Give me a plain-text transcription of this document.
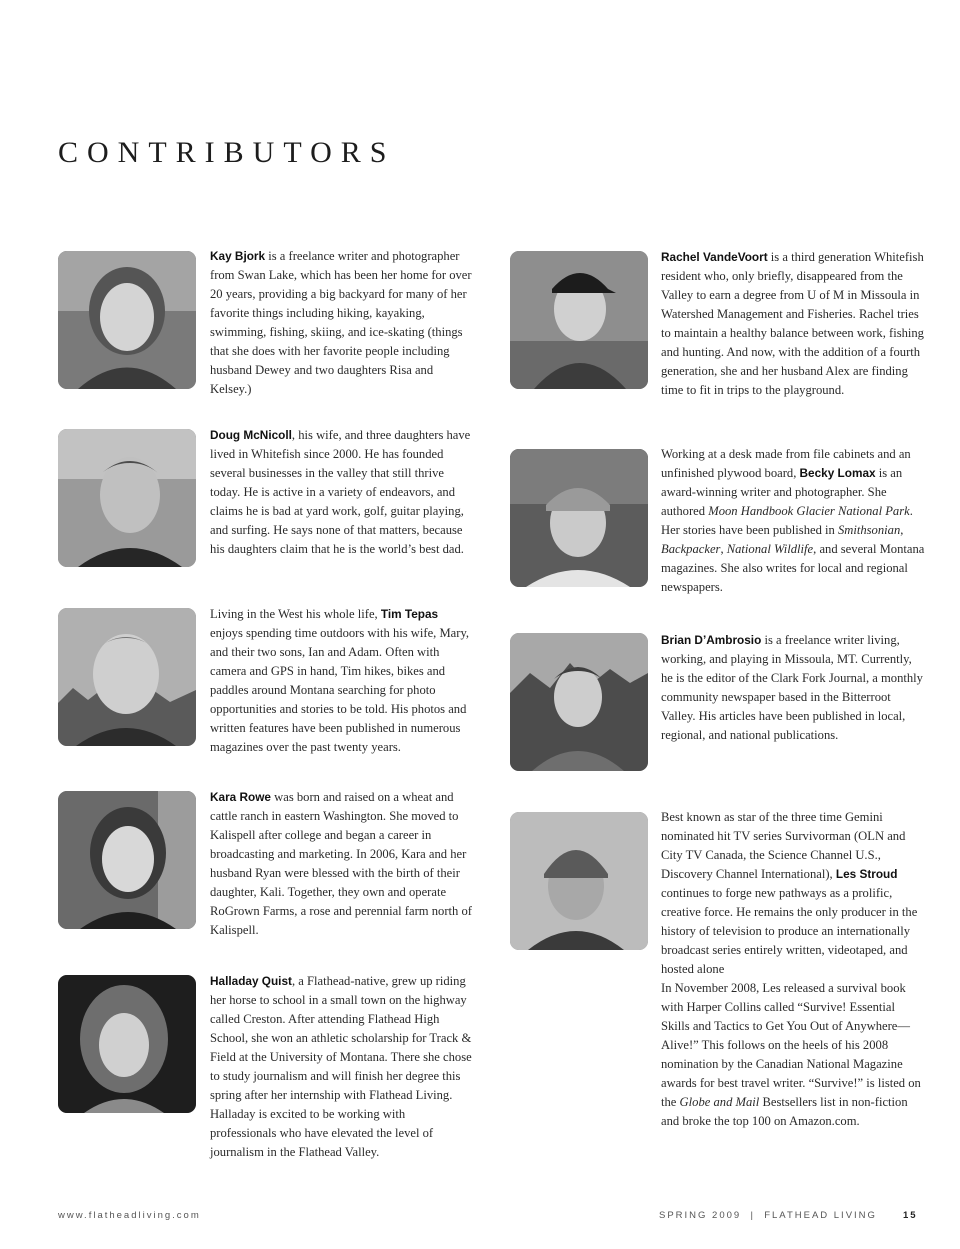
CONTRIBUTORS

Kay Bjork is a freelance writer and photographer from Swan Lake, which has been her home for over 20 years, providing a big backyard for many of her favorite things including hiking, kayaking, swimming, fishing, skiing, and ice-skating (things that she does with her favorite people including husband Dewey and two daughters Risa and Kelsey.)

Doug McNicoll, his wife, and three daughters have lived in Whitefish since 2000. He has founded several businesses in the valley that still thrive today. He is active in a variety of endeavors, and claims he is bad at yard work, golf, guitar playing, and surfing. He says none of that matters, because his daughters claim that he is the world’s best dad.

Living in the West his whole life, Tim Tepas enjoys spending time outdoors with his wife, Mary, and their two sons, Ian and Adam. Often with camera and GPS in hand, Tim hikes, bikes and paddles around Montana searching for photo opportunities and stories to be told. His photos and written features have been published in numerous magazines over the past twenty years.

Kara Rowe was born and raised on a wheat and cattle ranch in eastern Washington. She moved to Kalispell after college and began a career in broadcasting and marketing. In 2006, Kara and her husband Ryan were blessed with the birth of their daughter, Kali. Together, they own and operate RoGrown Farms, a rose and perennial farm north of Kalispell.

Halladay Quist, a Flathead-native, grew up riding her horse to school in a small town on the highway called Creston. After attending Flathead High School, she won an athletic scholarship for Track & Field at the University of Montana. There she chose to study journalism and will finish her degree this spring after her internship with Flathead Living. Halladay is excited to be working with professionals who have elevated the level of journalism in the Flathead Valley.

Rachel VandeVoort is a third generation Whitefish resident who, only briefly, disappeared from the Valley to earn a degree from U of M in Missoula in Watershed Management and Fisheries. Rachel tries to maintain a healthy balance between work, fishing and hunting. And now, with the addition of a fourth generation, she and her husband Alex are finding time to fit in trips to the playground.

Working at a desk made from file cabinets and an unfinished plywood board, Becky Lomax is an award-winning writer and photographer. She authored Moon Handbook Glacier National Park. Her stories have been published in Smithsonian, Backpacker, National Wildlife, and several Montana magazines. She also writes for local and regional newspapers.

Brian D’Ambrosio is a freelance writer living, working, and playing in Missoula, MT. Currently, he is the editor of the Clark Fork Journal, a monthly community newspaper based in the Bitterroot Valley. His articles have been published in local, regional, and national publications.

Best known as star of the three time Gemini nominated hit TV series Survivorman (OLN and City TV Canada, the Science Channel U.S., Discovery Channel International), Les Stroud continues to forge new pathways as a prolific, creative force. He remains the only producer in the history of television to produce an internationally broadcast series entirely written, videotaped, and hosted alone
In November 2008, Les released a survival book with Harper Collins called “Survive! Essential Skills and Tactics to Get You Out of Anywhere—Alive!” This follows on the heels of his 2008 nomination by the Canadian National Magazine awards for best travel writer. “Survive!” is listed on the Globe and Mail Bestsellers list in non-fiction and broke the top 100 on Amazon.com.

www.flatheadliving.com	SPRING 2009  |  FLATHEAD LIVING	15
